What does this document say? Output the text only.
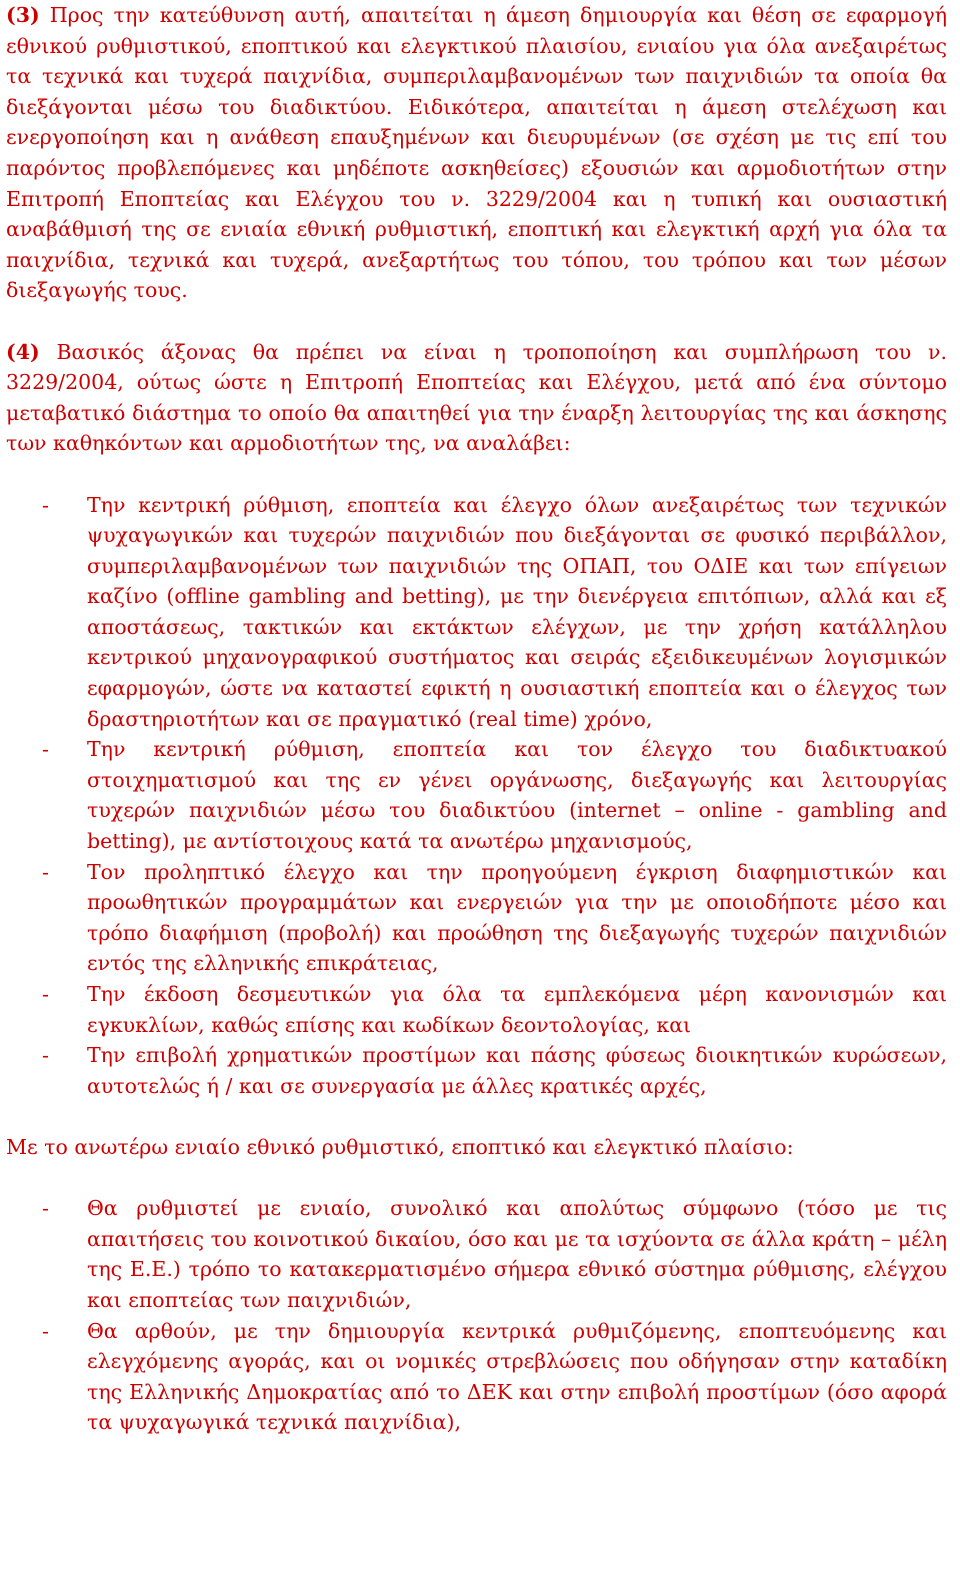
(3) Προς την κατεύθυνση αυτή, απαιτείται η άμεση δημιουργία και θέση σε εφαρμογή εθνικού ρυθμιστικού, εποπτικού και ελεγκτικού πλαισίου, ενιαίου για όλα ανεξαιρέτως τα τεχνικά και τυχερά παιχνίδια, συμπεριλαμβανομένων των παιχνιδιών τα οποία θα διεξάγονται μέσω του διαδικτύου. Ειδικότερα, απαιτείται η άμεση στελέχωση και ενεργοποίηση και η ανάθεση επαυξημένων και διευρυμένων (σε σχέση με τις επί του παρόντος προβλεπόμενες και μηδέποτε ασκηθείσες) εξουσιών και αρμοδιοτήτων στην Επιτροπή Εποπτείας και Ελέγχου του ν. 3229/2004 και η τυπική και ουσιαστική αναβάθμισή της σε ενιαία εθνική ρυθμιστική, εποπτική και ελεγκτική αρχή για όλα τα παιχνίδια, τεχνικά και τυχερά, ανεξαρτήτως του τόπου, του τρόπου και των μέσων διεξαγωγής τους.

(4) Βασικός άξονας θα πρέπει να είναι η τροποποίηση και συμπλήρωση του ν. 3229/2004, ούτως ώστε η Επιτροπή Εποπτείας και Ελέγχου, μετά από ένα σύντομο μεταβατικό διάστημα το οποίο θα απαιτηθεί για την έναρξη λειτουργίας της και άσκησης των καθηκόντων και αρμοδιοτήτων της, να αναλάβει:

- Την κεντρική ρύθμιση, εποπτεία και έλεγχο όλων ανεξαιρέτως των τεχνικών ψυχαγωγικών και τυχερών παιχνιδιών που διεξάγονται σε φυσικό περιβάλλον, συμπεριλαμβανομένων των παιχνιδιών της ΟΠΑΠ, του ΟΔΙΕ και των επίγειων καζίνο (offline gambling and betting), με την διενέργεια επιτόπιων, αλλά και εξ αποστάσεως, τακτικών και εκτάκτων ελέγχων, με την χρήση κατάλληλου κεντρικού μηχανογραφικού συστήματος και σειράς εξειδικευμένων λογισμικών εφαρμογών, ώστε να καταστεί εφικτή η ουσιαστική εποπτεία και ο έλεγχος των δραστηριοτήτων και σε πραγματικό (real time) χρόνο,
- Την κεντρική ρύθμιση, εποπτεία και τον έλεγχο του διαδικτυακού στοιχηματισμού και της εν γένει οργάνωσης, διεξαγωγής και λειτουργίας τυχερών παιχνιδιών μέσω του διαδικτύου (internet – online - gambling and betting), με αντίστοιχους κατά τα ανωτέρω μηχανισμούς,
- Τον προληπτικό έλεγχο και την προηγούμενη έγκριση διαφημιστικών και προωθητικών προγραμμάτων και ενεργειών για την με οποιοδήποτε μέσο και τρόπο διαφήμιση (προβολή) και προώθηση της διεξαγωγής τυχερών παιχνιδιών εντός της ελληνικής επικράτειας,
- Την έκδοση δεσμευτικών για όλα τα εμπλεκόμενα μέρη κανονισμών και εγκυκλίων, καθώς επίσης και κωδίκων δεοντολογίας, και
- Την επιβολή χρηματικών προστίμων και πάσης φύσεως διοικητικών κυρώσεων, αυτοτελώς ή / και σε συνεργασία με άλλες κρατικές αρχές,

Με το ανωτέρω ενιαίο εθνικό ρυθμιστικό, εποπτικό και ελεγκτικό πλαίσιο:

- Θα ρυθμιστεί με ενιαίο, συνολικό και απολύτως σύμφωνο (τόσο με τις απαιτήσεις του κοινοτικού δικαίου, όσο και με τα ισχύοντα σε άλλα κράτη – μέλη της Ε.Ε.) τρόπο το κατακερματισμένο σήμερα εθνικό σύστημα ρύθμισης, ελέγχου και εποπτείας των παιχνιδιών,
- Θα αρθούν, με την δημιουργία κεντρικά ρυθμιζόμενης, εποπτευόμενης και ελεγχόμενης αγοράς, και οι νομικές στρεβλώσεις που οδήγησαν στην καταδίκη της Ελληνικής Δημοκρατίας από το ΔΕΚ και στην επιβολή προστίμων (όσο αφορά τα ψυχαγωγικά τεχνικά παιχνίδια),
